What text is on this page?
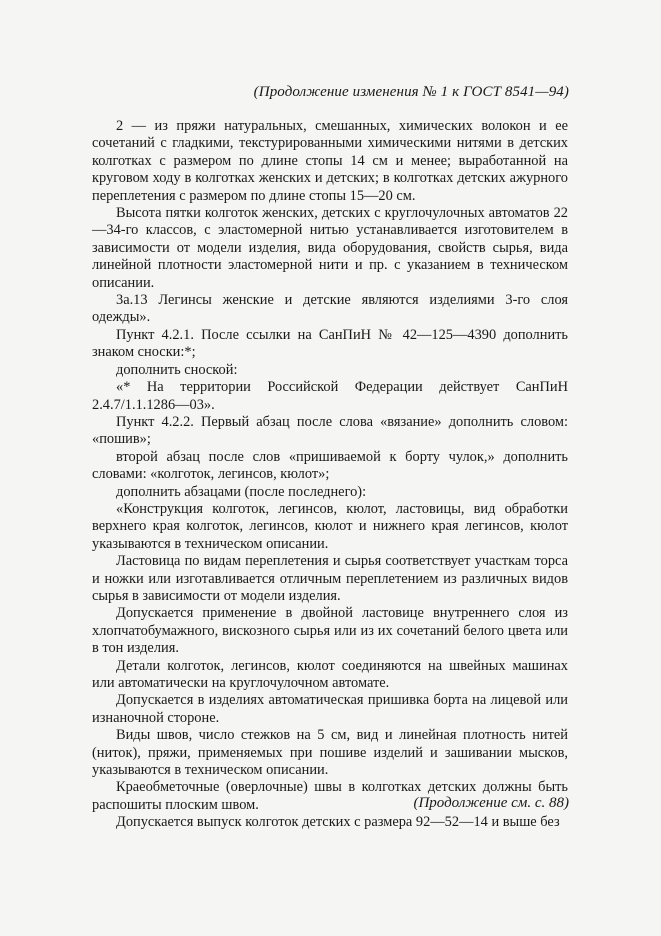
(Продолжение изменения № 1 к ГОСТ 8541—94)

2 — из пряжи натуральных, смешанных, химических волокон и ее сочетаний с гладкими, текстурированными химическими нитями в детских колготках с размером по длине стопы 14 см и менее; выработанной на круговом ходу в колготках женских и детских; в колготках детских ажурного переплетения с размером по длине стопы 15—20 см.

Высота пятки колготок женских, детских с круглочулочных автоматов 22—34-го классов, с эластомерной нитью устанавливается изготовителем в зависимости от модели изделия, вида оборудования, свойств сырья, вида линейной плотности эластомерной нити и пр. с указанием в техническом описании.

3а.13 Легинсы женские и детские являются изделиями 3-го слоя одежды».

Пункт 4.2.1. После ссылки на СанПиН № 42—125—4390 дополнить знаком сноски:*;

дополнить сноской:

«* На территории Российской Федерации действует СанПиН 2.4.7/1.1.1286—03».

Пункт 4.2.2. Первый абзац после слова «вязание» дополнить словом: «пошив»;

второй абзац после слов «пришиваемой к борту чулок,» дополнить словами: «колготок, легинсов, кюлот»;

дополнить абзацами (после последнего):

«Конструкция колготок, легинсов, кюлот, ластовицы, вид обработки верхнего края колготок, легинсов, кюлот и нижнего края легинсов, кюлот указываются в техническом описании.

Ластовица по видам переплетения и сырья соответствует участкам торса и ножки или изготавливается отличным переплетением из различных видов сырья в зависимости от модели изделия.

Допускается применение в двойной ластовице внутреннего слоя из хлопчатобумажного, вискозного сырья или из их сочетаний белого цвета или в тон изделия.

Детали колготок, легинсов, кюлот соединяются на швейных машинах или автоматически на круглочулочном автомате.

Допускается в изделиях автоматическая пришивка борта на лицевой или изнаночной стороне.

Виды швов, число стежков на 5 см, вид и линейная плотность нитей (ниток), пряжи, применяемых при пошиве изделий и зашивании мысков, указываются в техническом описании.

Краеобметочные (оверлочные) швы в колготках детских должны быть распошиты плоским швом.

Допускается выпуск колготок детских с размера 92—52—14 и выше без

(Продолжение см. с. 88)
